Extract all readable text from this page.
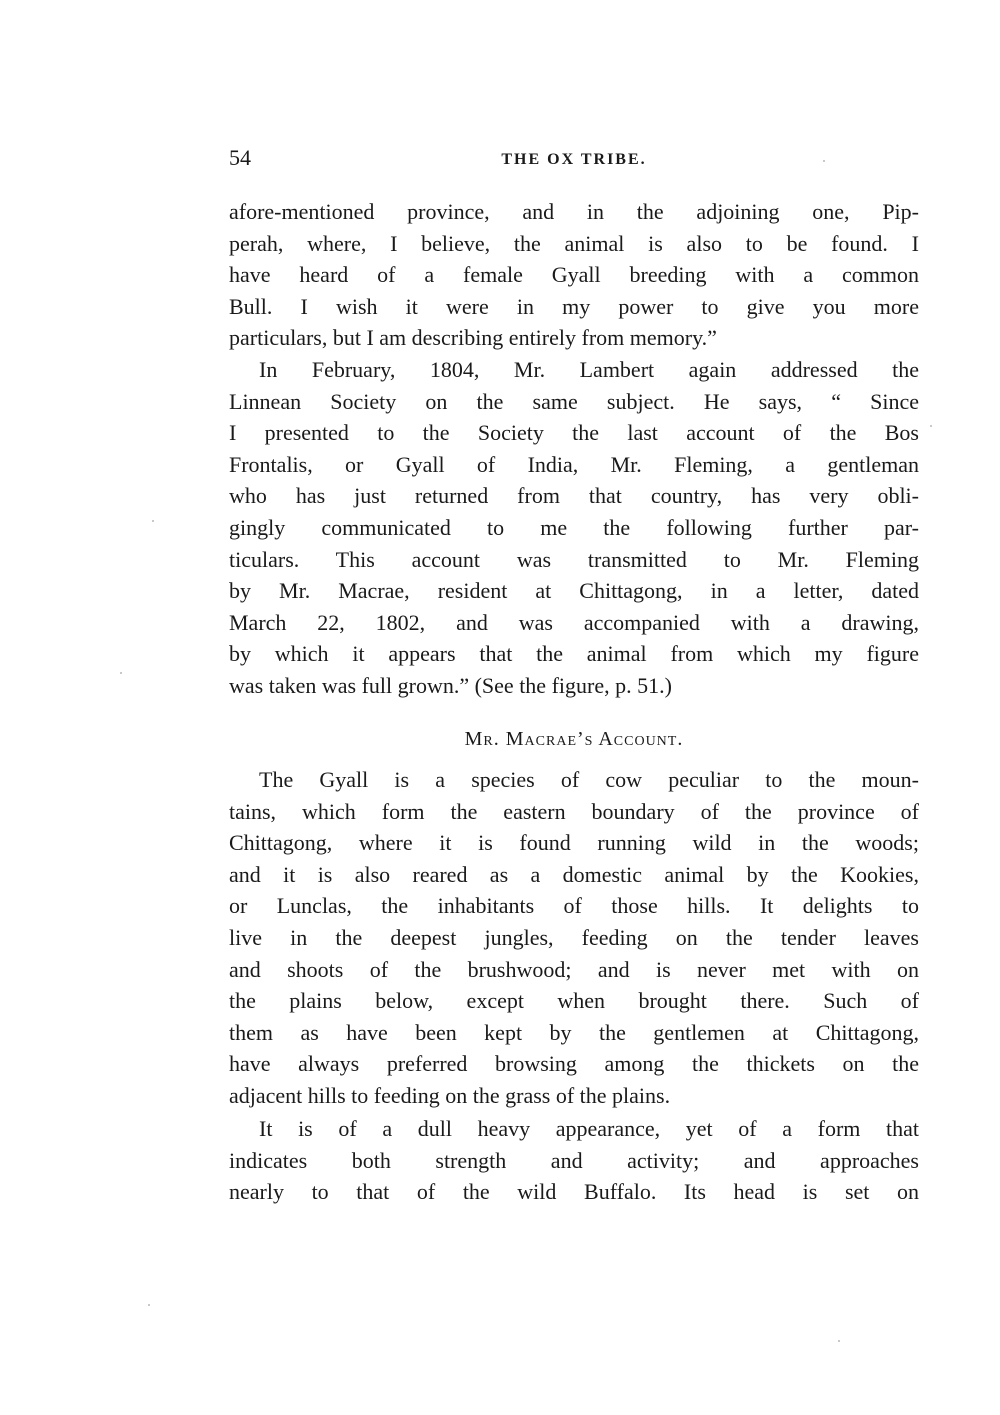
54	THE OX TRIBE.
afore-mentioned province, and in the adjoining one, Pip-
perah, where, I believe, the animal is also to be found. I
have heard of a female Gyall breeding with a common
Bull. I wish it were in my power to give you more
particulars, but I am describing entirely from memory.”
In February, 1804, Mr. Lambert again addressed the
Linnean Society on the same subject. He says, “ Since
I presented to the Society the last account of the Bos
Frontalis, or Gyall of India, Mr. Fleming, a gentleman
who has just returned from that country, has very obli-
gingly communicated to me the following further par-
ticulars. This account was transmitted to Mr. Fleming
by Mr. Macrae, resident at Chittagong, in a letter, dated
March 22, 1802, and was accompanied with a drawing,
by which it appears that the animal from which my figure
was taken was full grown.” (See the figure, p. 51.)
Mr. Macrae’s Account.
The Gyall is a species of cow peculiar to the moun-
tains, which form the eastern boundary of the province of
Chittagong, where it is found running wild in the woods;
and it is also reared as a domestic animal by the Kookies,
or Lunclas, the inhabitants of those hills. It delights to
live in the deepest jungles, feeding on the tender leaves
and shoots of the brushwood; and is never met with on
the plains below, except when brought there. Such of
them as have been kept by the gentlemen at Chittagong,
have always preferred browsing among the thickets on the
adjacent hills to feeding on the grass of the plains.
It is of a dull heavy appearance, yet of a form that
indicates both strength and activity; and approaches
nearly to that of the wild Buffalo. Its head is set on
